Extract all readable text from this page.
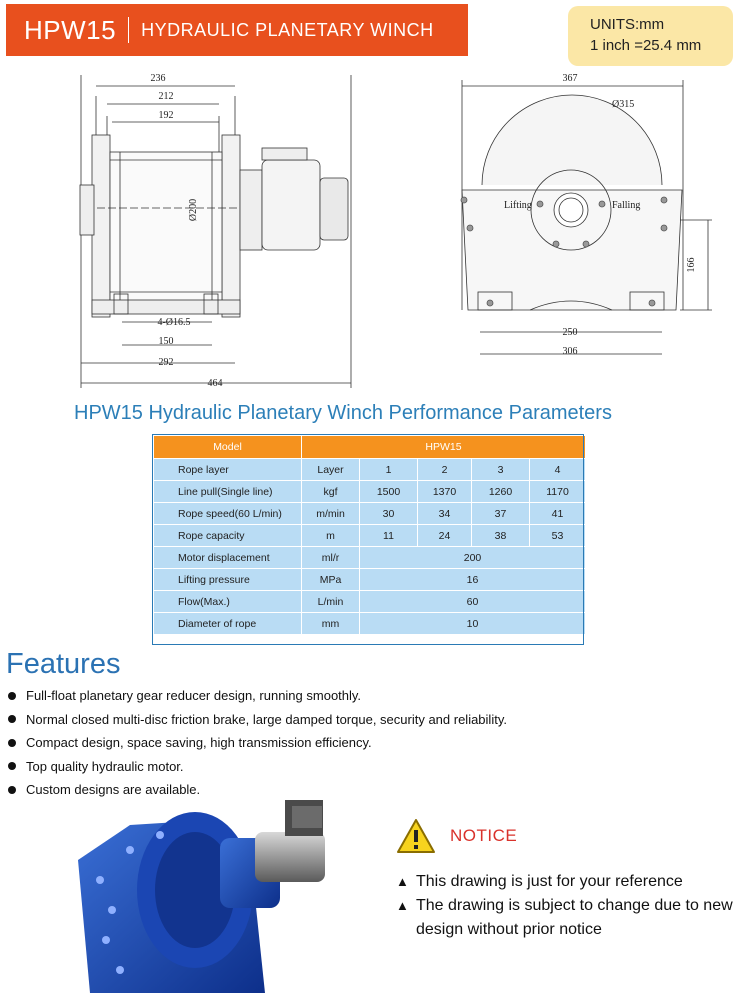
HPW15 HYDRAULIC PLANETARY WINCH	UNITS:mm
1 inch =25.4 mm
236
212
192
Ø200
4-Ø16.5
150
292
464
367
Ø315
Lifting	Falling
166
250
306
HPW15 Hydraulic Planetary Winch Performance Parameters
Model	HPW15				
Rope layer	Layer	1	2	3	4
Line pull(Single line)	kgf	1500	1370	1260	1170
Rope speed(60 L/min)	m/min	30	34	37	41
Rope capacity	m	11	24	38	53
Motor displacement	ml/r	200			
Lifting pressure	MPa	16			
Flow(Max.)	L/min	60			
Diameter of rope	mm	10			
Features
Full-float planetary gear reducer design, running smoothly.
Normal closed multi-disc friction brake, large damped torque, security and reliability.
Compact design, space saving, high transmission efficiency.
Top quality hydraulic motor.
Custom designs are available.
NOTICE
▲ This drawing is just for your reference
▲ The drawing is subject to change due to new design without prior notice
